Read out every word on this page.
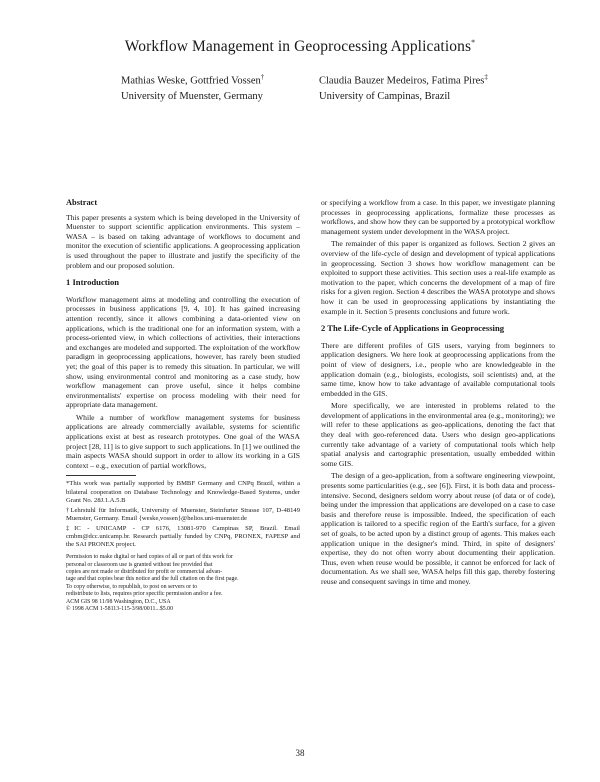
Workflow Management in Geoprocessing Applications*
Mathias Weske, Gottfried Vossen†
University of Muenster, Germany
Claudia Bauzer Medeiros, Fatima Pires‡
University of Campinas, Brazil
Abstract

This paper presents a system which is being developed in the University of Muenster to support scientific application environments. This system – WASA – is based on taking advantage of workflows to document and monitor the execution of scientific applications. A geoprocessing application is used throughout the paper to illustrate and justify the specificity of the problem and our proposed solution.

1 Introduction

Workflow management aims at modeling and controlling the execution of processes in business applications [9, 4, 10]. It has gained increasing attention recently, since it allows combining a data-oriented view on applications, which is the traditional one for an information system, with a process-oriented view, in which collections of activities, their interactions and exchanges are modeled and supported. The exploitation of the workflow paradigm in geoprocessing applications, however, has rarely been studied yet; the goal of this paper is to remedy this situation. In particular, we will show, using environmental control and monitoring as a case study, how workflow management can prove useful, since it helps combine environmentalists' expertise on process modeling with their need for appropriate data management.

While a number of workflow management systems for business applications are already commercially available, systems for scientific applications exist at best as research prototypes. One goal of the WASA project [28, 11] is to give support to such applications. In [1] we outlined the main aspects WASA should support in order to allow its working in a GIS context – e.g., execution of partial workflows,

*This work was partially supported by BMBF Germany and CNPq Brazil, within a bilateral cooperation on Database Technology and Knowledge-Based Systems, under Grant No. 28J.1.A.5.B

†Lehrstuhl für Informatik, University of Muenster, Steinfurter Strasse 107, D-48149 Muenster, Germany. Email {weske,vossen}@helios.uni-muenster.de

‡IC - UNICAMP - CP 6176, 13081-970 Campinas SP, Brazil. Email cmbm@dcc.unicamp.br. Research partially funded by CNPq, PRONEX, FAPESP and the SAI PRONEX project.

Permission to make digital or hard copies of all or part of this work for

personal or classroom use is granted without fee provided that

copies are not made or distributed for profit or commercial advan-

tage and that copies bear this notice and the full citation on the first page.

To copy otherwise, to republish, to post on servers or to

redistribute to lists, requires prior specific permission and/or a fee.

ACM GIS 98 11/98 Washington, D.C., USA

© 1998 ACM 1-58113-115-3/98/0011...$5.00

or specifying a workflow from a case. In this paper, we investigate planning processes in geoprocessing applications, formalize these processes as workflows, and show how they can be supported by a prototypical workflow management system under development in the WASA project.

The remainder of this paper is organized as follows. Section 2 gives an overview of the life-cycle of design and development of typical applications in geoprocessing. Section 3 shows how workflow management can be exploited to support these activities. This section uses a real-life example as motivation to the paper, which concerns the development of a map of fire risks for a given region. Section 4 describes the WASA prototype and shows how it can be used in geoprocessing applications by instantiating the example in it. Section 5 presents conclusions and future work.

2 The Life-Cycle of Applications in Geoprocessing

There are different profiles of GIS users, varying from beginners to application designers. We here look at geoprocessing applications from the point of view of designers, i.e., people who are knowledgeable in the application domain (e.g., biologists, ecologists, soil scientists) and, at the same time, know how to take advantage of available computational tools embedded in the GIS.

More specifically, we are interested in problems related to the development of applications in the environmental area (e.g., monitoring); we will refer to these applications as geo-applications, denoting the fact that they deal with geo-referenced data. Users who design geo-applications currently take advantage of a variety of computational tools which help spatial analysis and cartographic presentation, usually embedded within some GIS.

The design of a geo-application, from a software engineering viewpoint, presents some particularities (e.g., see [6]). First, it is both data and process-intensive. Second, designers seldom worry about reuse (of data or of code), being under the impression that applications are developed on a case to case basis and therefore reuse is impossible. Indeed, the specification of each application is tailored to a specific region of the Earth's surface, for a given set of goals, to be acted upon by a distinct group of agents. This makes each application unique in the designer's mind. Third, in spite of designers' expertise, they do not often worry about documenting their application. Thus, even when reuse would be possible, it cannot be enforced for lack of documentation. As we shall see, WASA helps fill this gap, thereby fostering reuse and consequent savings in time and money.

38
